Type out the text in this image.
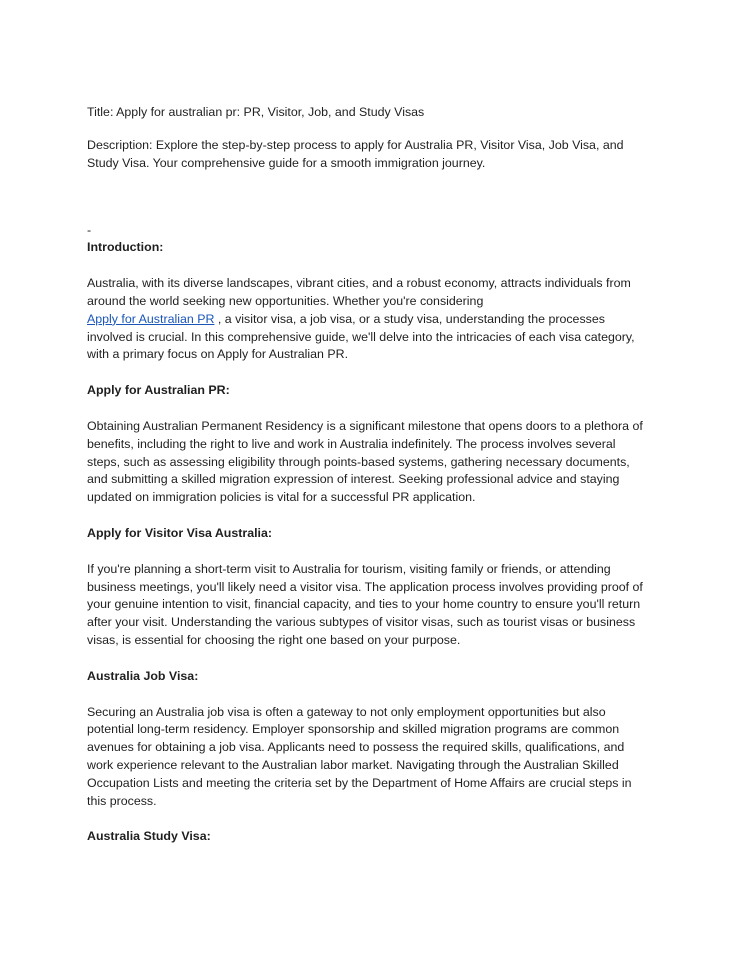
Title: Apply for australian pr: PR, Visitor, Job, and Study Visas

Description: Explore the step-by-step process to apply for Australia PR, Visitor Visa, Job Visa, and Study Visa. Your comprehensive guide for a smooth immigration journey.

-

Introduction:

Australia, with its diverse landscapes, vibrant cities, and a robust economy, attracts individuals from around the world seeking new opportunities. Whether you're considering
Apply for Australian PR , a visitor visa, a job visa, or a study visa, understanding the processes involved is crucial. In this comprehensive guide, we'll delve into the intricacies of each visa category, with a primary focus on Apply for Australian PR.

Apply for Australian PR:

Obtaining Australian Permanent Residency is a significant milestone that opens doors to a plethora of benefits, including the right to live and work in Australia indefinitely. The process involves several steps, such as assessing eligibility through points-based systems, gathering necessary documents, and submitting a skilled migration expression of interest. Seeking professional advice and staying updated on immigration policies is vital for a successful PR application.

Apply for Visitor Visa Australia:

If you're planning a short-term visit to Australia for tourism, visiting family or friends, or attending business meetings, you'll likely need a visitor visa. The application process involves providing proof of your genuine intention to visit, financial capacity, and ties to your home country to ensure you'll return after your visit. Understanding the various subtypes of visitor visas, such as tourist visas or business visas, is essential for choosing the right one based on your purpose.

Australia Job Visa:

Securing an Australia job visa is often a gateway to not only employment opportunities but also potential long-term residency. Employer sponsorship and skilled migration programs are common avenues for obtaining a job visa. Applicants need to possess the required skills, qualifications, and work experience relevant to the Australian labor market. Navigating through the Australian Skilled Occupation Lists and meeting the criteria set by the Department of Home Affairs are crucial steps in this process.

Australia Study Visa:
